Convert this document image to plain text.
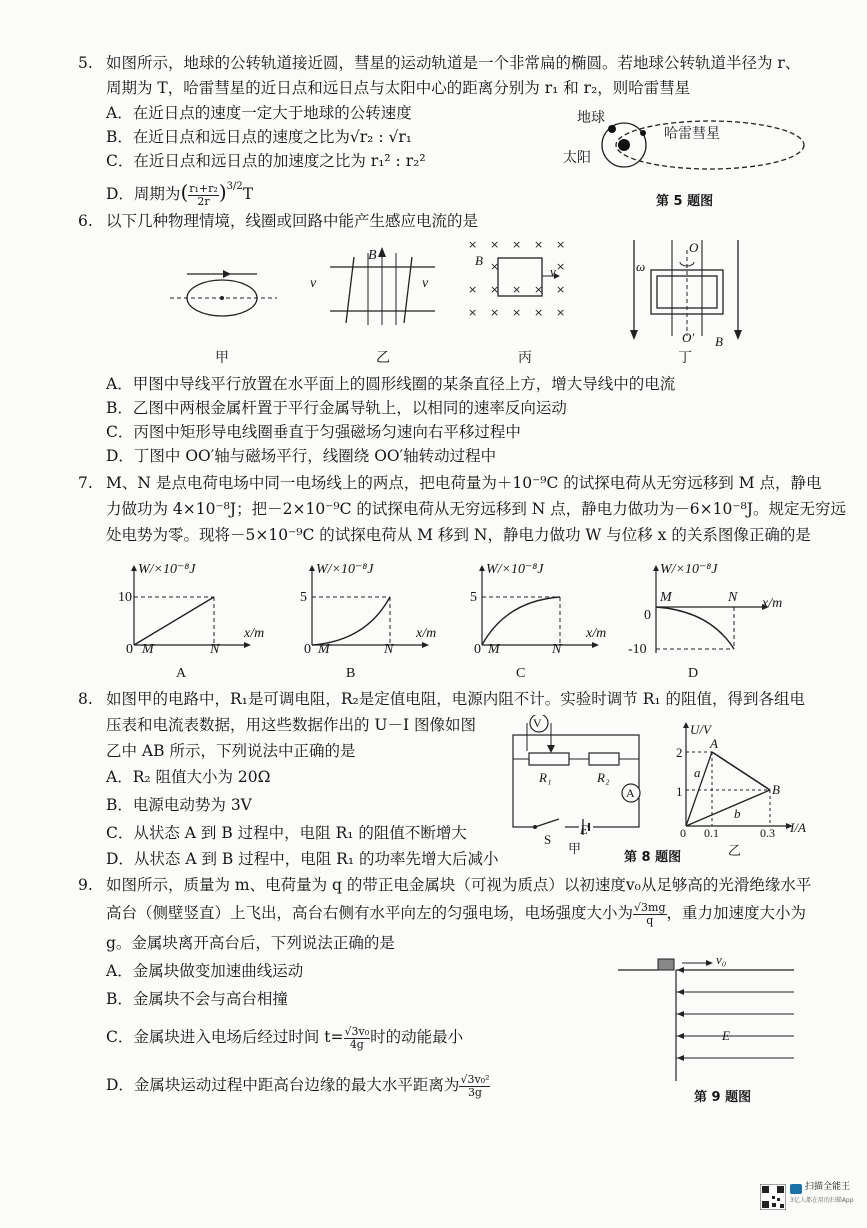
5. 如图所示，地球的公转轨道接近圆，彗星的运动轨道是一个非常扁的椭圆。若地球公转轨道半径为 r、
周期为 T，哈雷彗星的近日点和远日点与太阳中心的距离分别为 r₁ 和 r₂，则哈雷彗星
A．在近日点的速度一定大于地球的公转速度
B．在近日点和远日点的速度之比为√r₂ : √r₁
C．在近日点和远日点的加速度之比为 r₁² : r₂²
D．周期为( $\frac{\text{r₁+r₂}}{2r} )^{3/2}T$
地球
太阳
哈雷彗星
第 5 题图
6. 以下几种物理情境，线圈或回路中能产生感应电流的是
甲
B
v	v
乙
× × × × ×
×	×
× × × × ×
× × × × ×
B
v
丙
ω
O
O′ B
丁
A．甲图中导线平行放置在水平面上的圆形线圈的某条直径上方，增大导线中的电流
B．乙图中两根金属杆置于平行金属导轨上，以相同的速率反向运动
C．丙图中矩形导电线圈垂直于匀强磁场匀速向右平移过程中
D．丁图中 OO′轴与磁场平行，线圈绕 OO′轴转动过程中
7. M、N 是点电荷电场中同一电场线上的两点，把电荷量为＋10⁻⁹C 的试探电荷从无穷远移到 M 点，静电
力做功为 4×10⁻⁸J；把－2×10⁻⁹C 的试探电荷从无穷远移到 N 点，静电力做功为－6×10⁻⁸J。规定无穷远
处电势为零。现将－5×10⁻⁹C 的试探电荷从 M 移到 N，静电力做功 W 与位移 x 的关系图像正确的是
W/×10⁻⁸J
10
x/m
0 M	N
A
W/×10⁻⁸J
5
x/m
0 M	N
B
W/×10⁻⁸J
5
x/m
0 M	N
C
W/×10⁻⁸J
M	N x/m
0
-10
D
8. 如图甲的电路中，R₁是可调电阻，R₂是定值电阻，电源内阻不计。实验时调节 R₁ 的阻值，得到各组电
压表和电流表数据，用这些数据作出的 U－I 图像如图
乙中 AB 所示，下列说法中正确的是
A．R₂ 阻值大小为 20Ω
B．电源电动势为 3V
C．从状态 A 到 B 过程中，电阻 R₁ 的阻值不断增大
D．从状态 A 到 B 过程中，电阻 R₁ 的功率先增大后减小
V
R₁	R₂
A
S
E
甲
U/V
A
2
a
1	B
b
0 0.1	0.3 I/A
乙
第 8 题图
9. 如图所示，质量为 m、电荷量为 q 的带正电金属块（可视为质点）以初速度v₀从足够高的光滑绝缘水平
高台（侧壁竖直）上飞出，高台右侧有水平向左的匀强电场，电场强度大小为 $\frac{√3mg}{q}$ ，重力加速度大小为
g。金属块离开高台后，下列说法正确的是
A．金属块做变加速曲线运动
B．金属块不会与高台相撞
C．金属块进入电场后经过时间 $t= \frac{\text{√3v₀}}{4g}$ 时的动能最小
D．金属块运动过程中距高台边缘的最大水平距离为 $\frac{\text{√3v₀²}}{3g}$
v₀
E
第 9 题图
扫描全能王
3亿人都在用的扫描App
